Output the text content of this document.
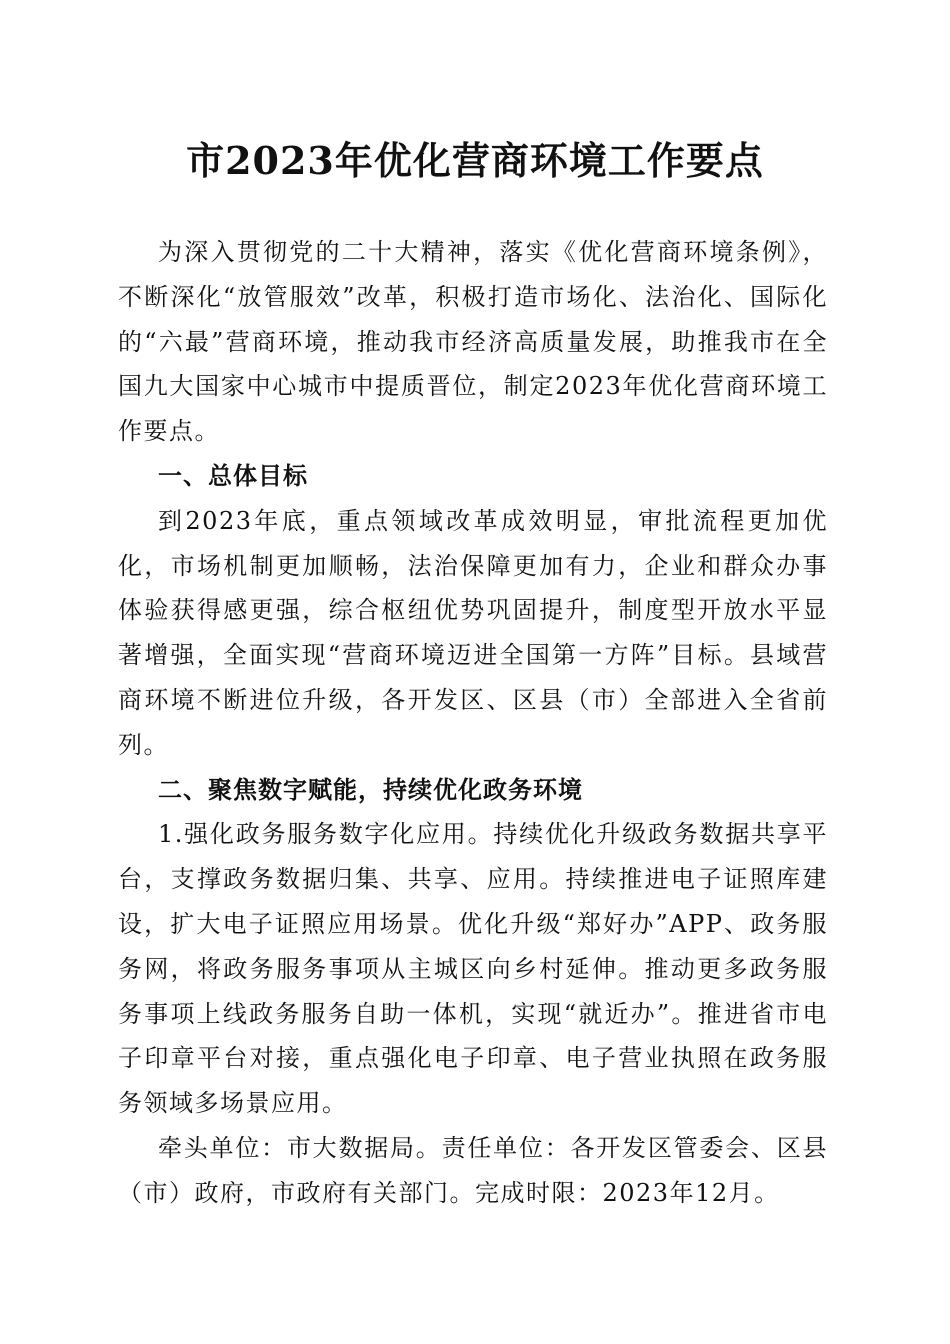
市2023年优化营商环境工作要点

为深入贯彻党的二十大精神，落实《优化营商环境条例》，不断深化“放管服效”改革，积极打造市场化、法治化、国际化的“六最”营商环境，推动我市经济高质量发展，助推我市在全国九大国家中心城市中提质晋位，制定2023年优化营商环境工作要点。

一、总体目标

到2023年底，重点领域改革成效明显，审批流程更加优化，市场机制更加顺畅，法治保障更加有力，企业和群众办事体验获得感更强，综合枢纽优势巩固提升，制度型开放水平显著增强，全面实现“营商环境迈进全国第一方阵”目标。县域营商环境不断进位升级，各开发区、区县（市）全部进入全省前列。

二、聚焦数字赋能，持续优化政务环境

1.强化政务服务数字化应用。持续优化升级政务数据共享平台，支撑政务数据归集、共享、应用。持续推进电子证照库建设，扩大电子证照应用场景。优化升级“郑好办”APP、政务服务网，将政务服务事项从主城区向乡村延伸。推动更多政务服务事项上线政务服务自助一体机，实现“就近办”。推进省市电子印章平台对接，重点强化电子印章、电子营业执照在政务服务领域多场景应用。

牵头单位：市大数据局。责任单位：各开发区管委会、区县（市）政府，市政府有关部门。完成时限：2023年12月。
